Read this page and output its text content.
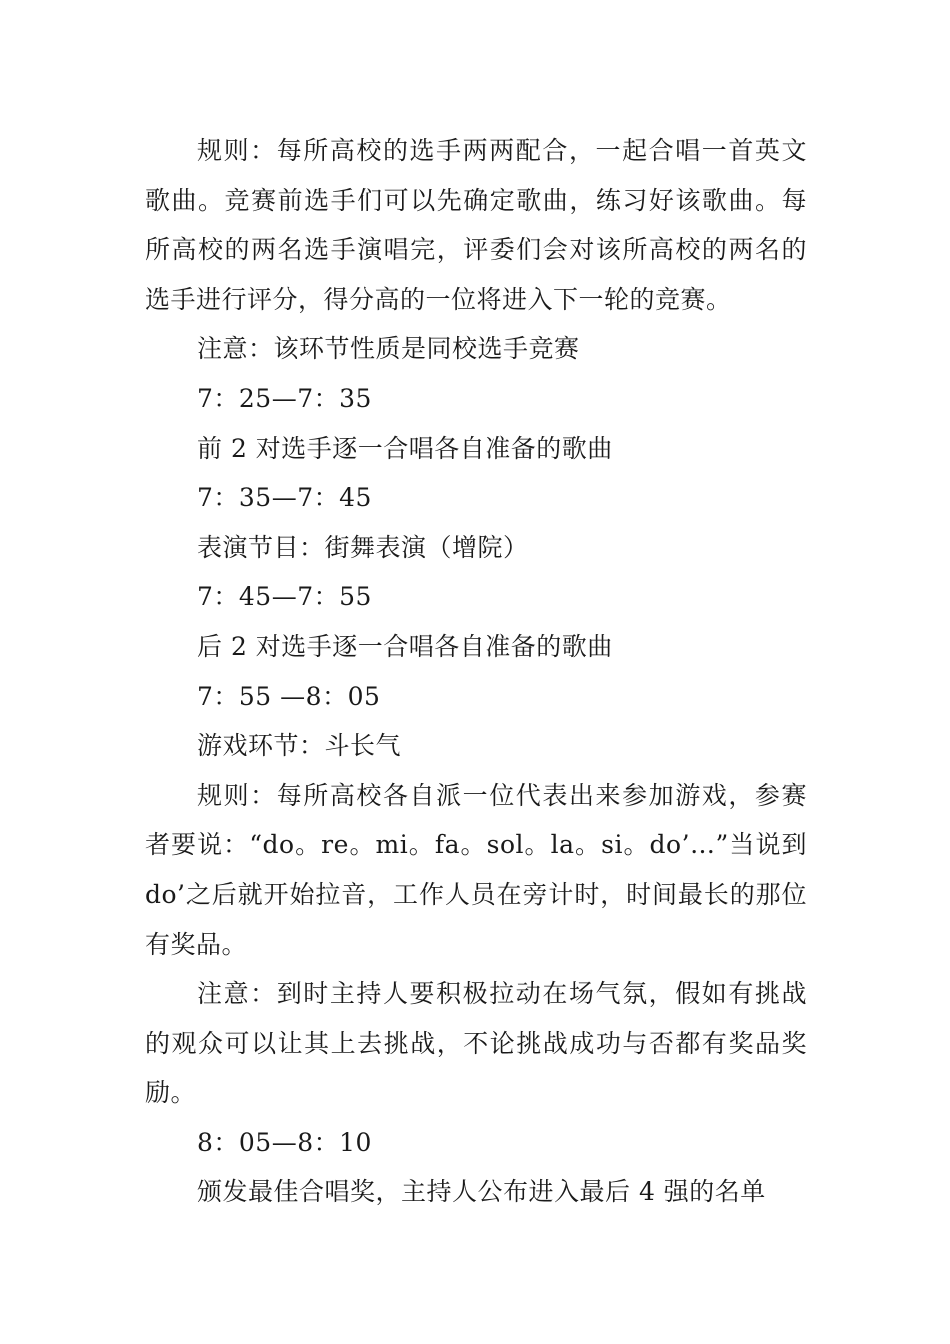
规则：每所高校的选手两两配合，一起合唱一首英文歌曲。竞赛前选手们可以先确定歌曲，练习好该歌曲。每所高校的两名选手演唱完，评委们会对该所高校的两名的选手进行评分，得分高的一位将进入下一轮的竞赛。

注意：该环节性质是同校选手竞赛

7：25—7：35

前 2 对选手逐一合唱各自准备的歌曲

7：35—7：45

表演节目：街舞表演（增院）

7：45—7：55

后 2 对选手逐一合唱各自准备的歌曲

7：55 —8：05

游戏环节：斗长气

规则：每所高校各自派一位代表出来参加游戏，参赛者要说：“do。re。mi。fa。sol。la。si。do’…”当说到 do’之后就开始拉音，工作人员在旁计时，时间最长的那位有奖品。

注意：到时主持人要积极拉动在场气氛，假如有挑战的观众可以让其上去挑战，不论挑战成功与否都有奖品奖励。

8：05—8：10

颁发最佳合唱奖，主持人公布进入最后 4 强的名单
